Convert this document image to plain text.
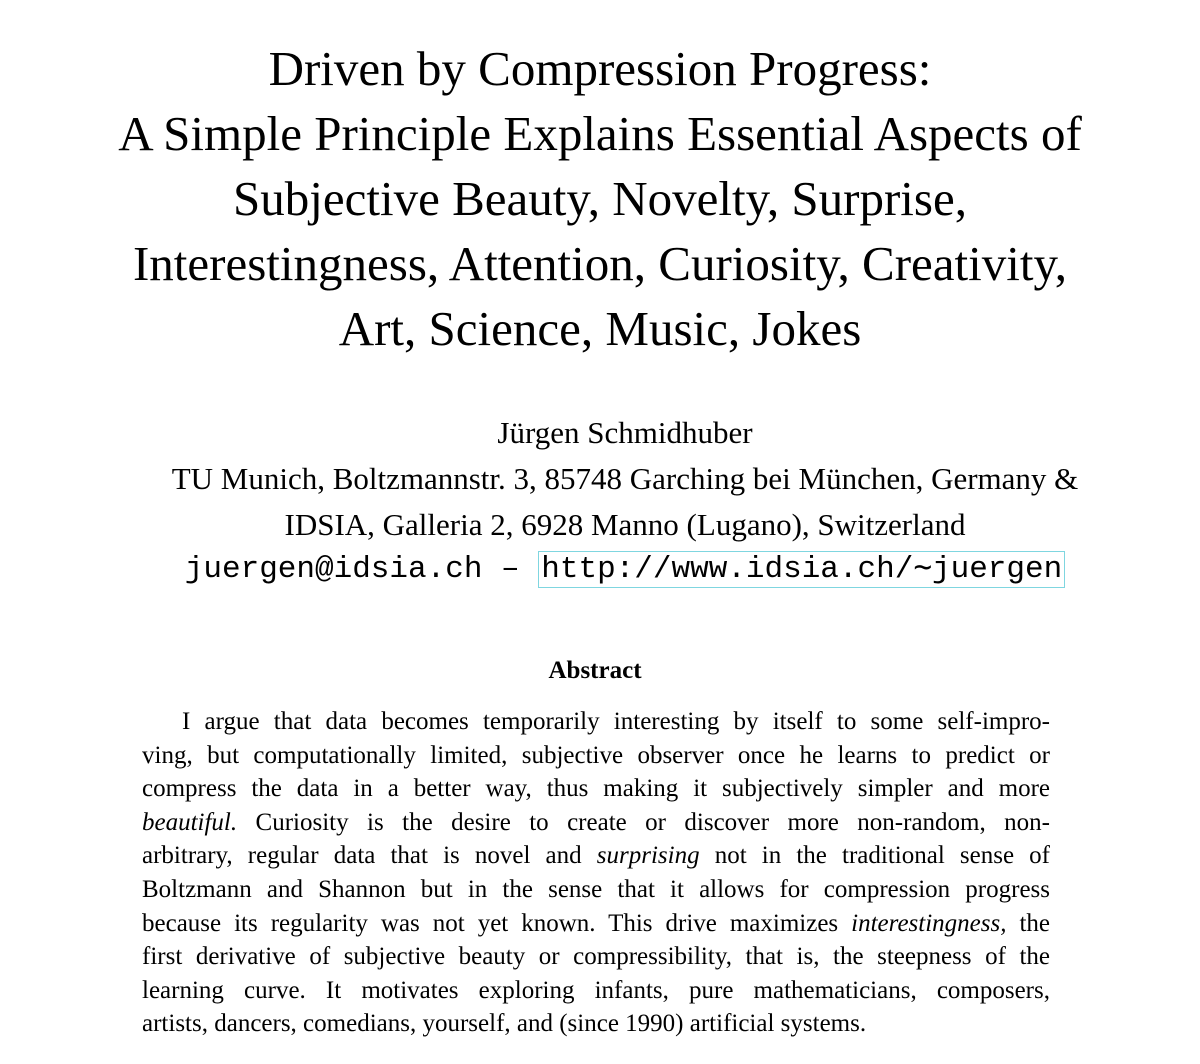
Driven by Compression Progress:
A Simple Principle Explains Essential Aspects of
Subjective Beauty, Novelty, Surprise,
Interestingness, Attention, Curiosity, Creativity,
Art, Science, Music, Jokes
Jürgen Schmidhuber
TU Munich, Boltzmannstr. 3, 85748 Garching bei München, Germany &
IDSIA, Galleria 2, 6928 Manno (Lugano), Switzerland
juergen@idsia.ch – http://www.idsia.ch/∼juergen
Abstract
I argue that data becomes temporarily interesting by itself to some self-impro-
ving, but computationally limited, subjective observer once he learns to predict or
compress the data in a better way, thus making it subjectively simpler and more
beautiful. Curiosity is the desire to create or discover more non-random, non-
arbitrary, regular data that is novel and surprising not in the traditional sense of
Boltzmann and Shannon but in the sense that it allows for compression progress
because its regularity was not yet known. This drive maximizes interestingness, the
first derivative of subjective beauty or compressibility, that is, the steepness of the
learning curve. It motivates exploring infants, pure mathematicians, composers,
artists, dancers, comedians, yourself, and (since 1990) artificial systems.
